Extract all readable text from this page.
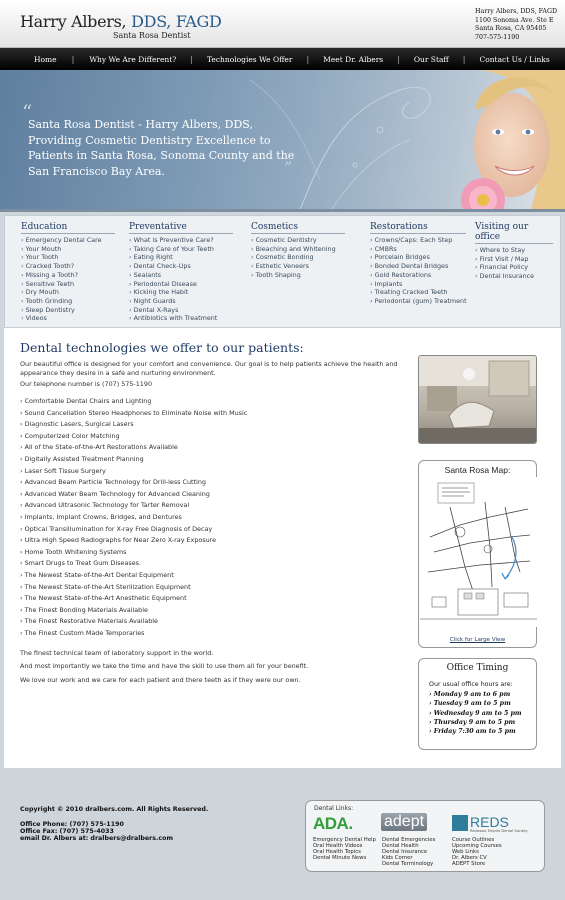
Harry Albers, DDS, FAGD
Santa Rosa Dentist
Harry Albers, DDS, FAGD
1100 Sonoma Ave. Ste E
Santa Rosa, CA 95405
707-575-1190
Home | Why We Are Different? | Technologies We Offer | Meet Dr. Albers | Our Staff | Contact Us / Links
“
Santa Rosa Dentist - Harry Albers, DDS, Providing Cosmetic Dentistry Excellence to Patients in Santa Rosa, Sonoma County and the San Francisco Bay Area.	”
Education
› Emergency Dental Care
› Your Mouth
› Your Tooth
› Cracked Tooth?
› Missing a Tooth?
› Sensitive Teeth
› Dry Mouth
› Tooth Grinding
› Sleep Dentistry
› Videos
Preventative
› What is Preventive Care?
› Taking Care of Your Teeth
› Eating Right
› Dental Check-Ups
› Sealants
› Periodontal Disease
› Kicking the Habit
› Night Guards
› Dental X-Rays
› Antibiotics with Treatment
Cosmetics
› Cosmetic Dentistry
› Bleaching and Whitening
› Cosmetic Bonding
› Esthetic Veneers
› Tooth Shaping
Restorations
› Crowns/Caps: Each Step
› CMBRs
› Porcelain Bridges
› Bonded Dental Bridges
› Gold Restorations
› Implants
› Treating Cracked Teeth
› Periodontal (gum) Treatment
Visiting our office
› Where to Stay
› First Visit / Map
› Financial Policy
› Dental Insurance
Dental technologies we offer to our patients:
Our beautiful office is designed for your comfort and convenience. Our goal is to help patients achieve the health and appearance they desire in a safe and nurturing environment.
Our telephone number is (707) 575-1190
› Comfortable Dental Chairs and Lighting
› Sound Cancellation Stereo Headphones to Eliminate Noise with Music
› Diagnostic Lasers, Surgical Lasers
› Computerized Color Matching
› All of the State-of-the-Art Restorations Available
› Digitally Assisted Treatment Planning
› Laser Soft Tissue Surgery
› Advanced Beam Particle Technology for Drill-less Cutting
› Advanced Water Beam Technology for Advanced Cleaning
› Advanced Ultrasonic Technology for Tarter Removal
› Implants, Implant Crowns, Bridges, and Dentures
› Optical Transillumination for X-ray Free Diagnosis of Decay
› Ultra High Speed Radiographs for Near Zero X-ray Exposure
› Home Tooth Whitening Systems
› Smart Drugs to Treat Gum Diseases.
› The Newest State-of-the-Art Dental Equipment
› The Newest State-of-the-Art Sterilization Equipment
› The Newest State-of-the-Art Anesthetic Equipment
› The Finest Bonding Materials Available
› The Finest Restorative Materials Available
› The Finest Custom Made Temporaries
The finest technical team of laboratory support in the world.
And most importantly we take the time and have the skill to use them all for your benefit.
We love our work and we care for each patient and there teeth as if they were our own.
Santa Rosa Map:
Click for Large View
Office Timing
Our usual office hours are:
› Monday 9 am to 6 pm
› Tuesday 9 am to 5 pm
› Wednesday 9 am to 5 pm
› Thursday 9 am to 5 pm
› Friday 7:30 am to 5 pm
Copyright © 2010 dralbers.com. All Rights Reserved.
Office Phone: (707) 575-1190
Office Fax: (707) 575-4033
email Dr. Albers at: dralbers@dralbers.com
Dental Links:
ADA. adept	REDS
Redwood Empire Dental Society
Emergency Dental Help
Oral Health Videos
Oral Health Topics
Dental Minute News
Dental Emergencies
Dental Health
Dental Insurance
Kids Corner
Dental Terminology
Course Outlines
Upcoming Courses
Web Links
Dr. Albers CV
ADEPT Store
